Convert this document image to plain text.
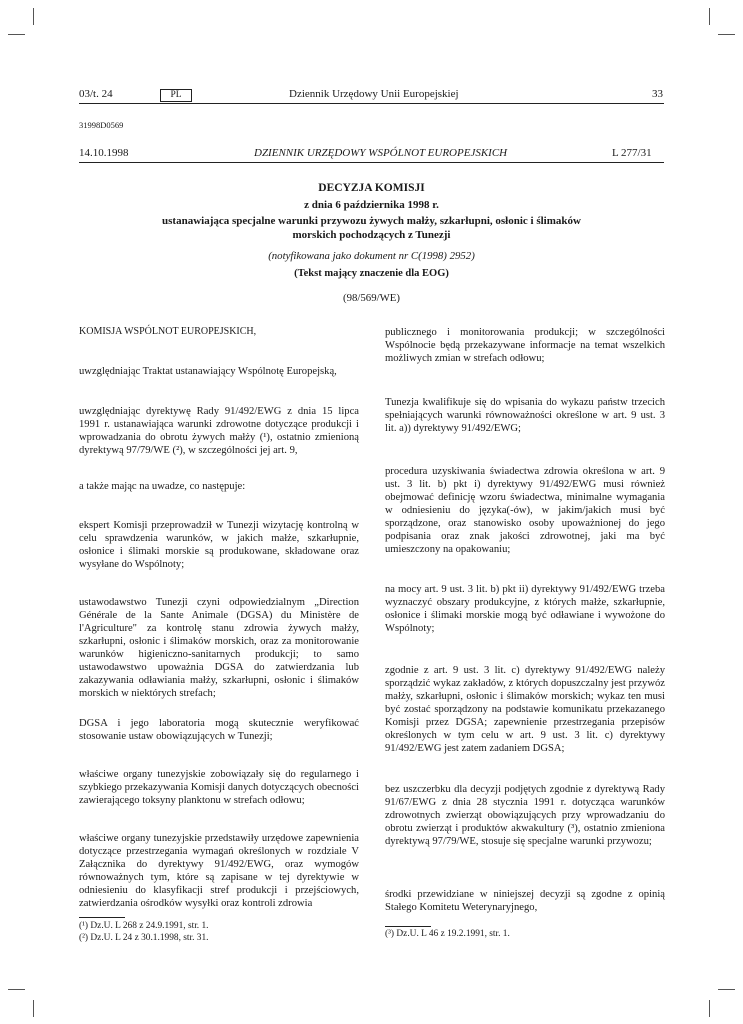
03/t. 24	PL	Dziennik Urzędowy Unii Europejskiej	33
31998D0569
14.10.1998	DZIENNIK URZĘDOWY WSPÓLNOT EUROPEJSKICH	L 277/31
DECYZJA KOMISJI
z dnia 6 października 1998 r.
ustanawiająca specjalne warunki przywozu żywych małży, szkarłupni, osłonic i ślimaków
morskich pochodzących z Tunezji
(notyfikowana jako dokument nr C(1998) 2952)
(Tekst mający znaczenie dla EOG)
(98/569/WE)
KOMISJA WSPÓLNOT EUROPEJSKICH,
uwzględniając Traktat ustanawiający Wspólnotę Europejską,
uwzględniając dyrektywę Rady 91/492/EWG z dnia 15 lipca 1991 r. ustanawiająca warunki zdrowotne dotyczące produkcji i wprowadzania do obrotu żywych małży (¹), ostatnio zmienioną dyrektywą 97/79/WE (²), w szczególności jej art. 9,
a także mając na uwadze, co następuje:
ekspert Komisji przeprowadził w Tunezji wizytację kontrolną w celu sprawdzenia warunków, w jakich małże, szkarłupnie, osłonice i ślimaki morskie są produkowane, składowane oraz wysyłane do Wspólnoty;
ustawodawstwo Tunezji czyni odpowiedzialnym „Direction Générale de la Sante Animale (DGSA) du Ministère de l'Agriculture" za kontrolę stanu zdrowia żywych małży, szkarłupni, osłonic i ślimaków morskich, oraz za monitorowanie warunków higieniczno-sanitarnych produkcji; to samo ustawodawstwo upoważnia DGSA do zatwierdzania lub zakazywania odławiania małży, szkarłupni, osłonic i ślimaków morskich w niektórych strefach;
DGSA i jego laboratoria mogą skutecznie weryfikować stosowanie ustaw obowiązujących w Tunezji;
właściwe organy tunezyjskie zobowiązały się do regularnego i szybkiego przekazywania Komisji danych dotyczących obecności zawierającego toksyny planktonu w strefach odłowu;
właściwe organy tunezyjskie przedstawiły urzędowe zapewnienia dotyczące przestrzegania wymagań określonych w rozdziale V Załącznika do dyrektywy 91/492/EWG, oraz wymogów równoważnych tym, które są zapisane w tej dyrektywie w odniesieniu do klasyfikacji stref produkcji i przejściowych, zatwierdzania ośrodków wysyłki oraz kontroli zdrowia
(¹) Dz.U. L 268 z 24.9.1991, str. 1.
(²) Dz.U. L 24 z 30.1.1998, str. 31.
publicznego i monitorowania produkcji; w szczególności Wspólnocie będą przekazywane informacje na temat wszelkich możliwych zmian w strefach odłowu;
Tunezja kwalifikuje się do wpisania do wykazu państw trzecich spełniających warunki równoważności określone w art. 9 ust. 3 lit. a)) dyrektywy 91/492/EWG;
procedura uzyskiwania świadectwa zdrowia określona w art. 9 ust. 3 lit. b) pkt i) dyrektywy 91/492/EWG musi również obejmować definicję wzoru świadectwa, minimalne wymagania w odniesieniu do języka(-ów), w jakim/jakich musi być sporządzone, oraz stanowisko osoby upoważnionej do jego podpisania oraz znak jakości zdrowotnej, jaki ma być umieszczony na opakowaniu;
na mocy art. 9 ust. 3 lit. b) pkt ii) dyrektywy 91/492/EWG trzeba wyznaczyć obszary produkcyjne, z których małże, szkarłupnie, osłonice i ślimaki morskie mogą być odławiane i wywożone do Wspólnoty;
zgodnie z art. 9 ust. 3 lit. c) dyrektywy 91/492/EWG należy sporządzić wykaz zakładów, z których dopuszczalny jest przywóz małży, szkarłupni, osłonic i ślimaków morskich; wykaz ten musi być zostać sporządzony na podstawie komunikatu przekazanego Komisji przez DGSA; zapewnienie przestrzegania przepisów określonych w tym celu w art. 9 ust. 3 lit. c) dyrektywy 91/492/EWG jest zatem zadaniem DGSA;
bez uszczerbku dla decyzji podjętych zgodnie z dyrektywą Rady 91/67/EWG z dnia 28 stycznia 1991 r. dotycząca warunków zdrowotnych zwierząt obowiązujących przy wprowadzaniu do obrotu zwierząt i produktów akwakultury (³), ostatnio zmieniona dyrektywą 97/79/WE, stosuje się specjalne warunki przywozu;
środki przewidziane w niniejszej decyzji są zgodne z opinią Stałego Komitetu Weterynaryjnego,
(³) Dz.U. L 46 z 19.2.1991, str. 1.
